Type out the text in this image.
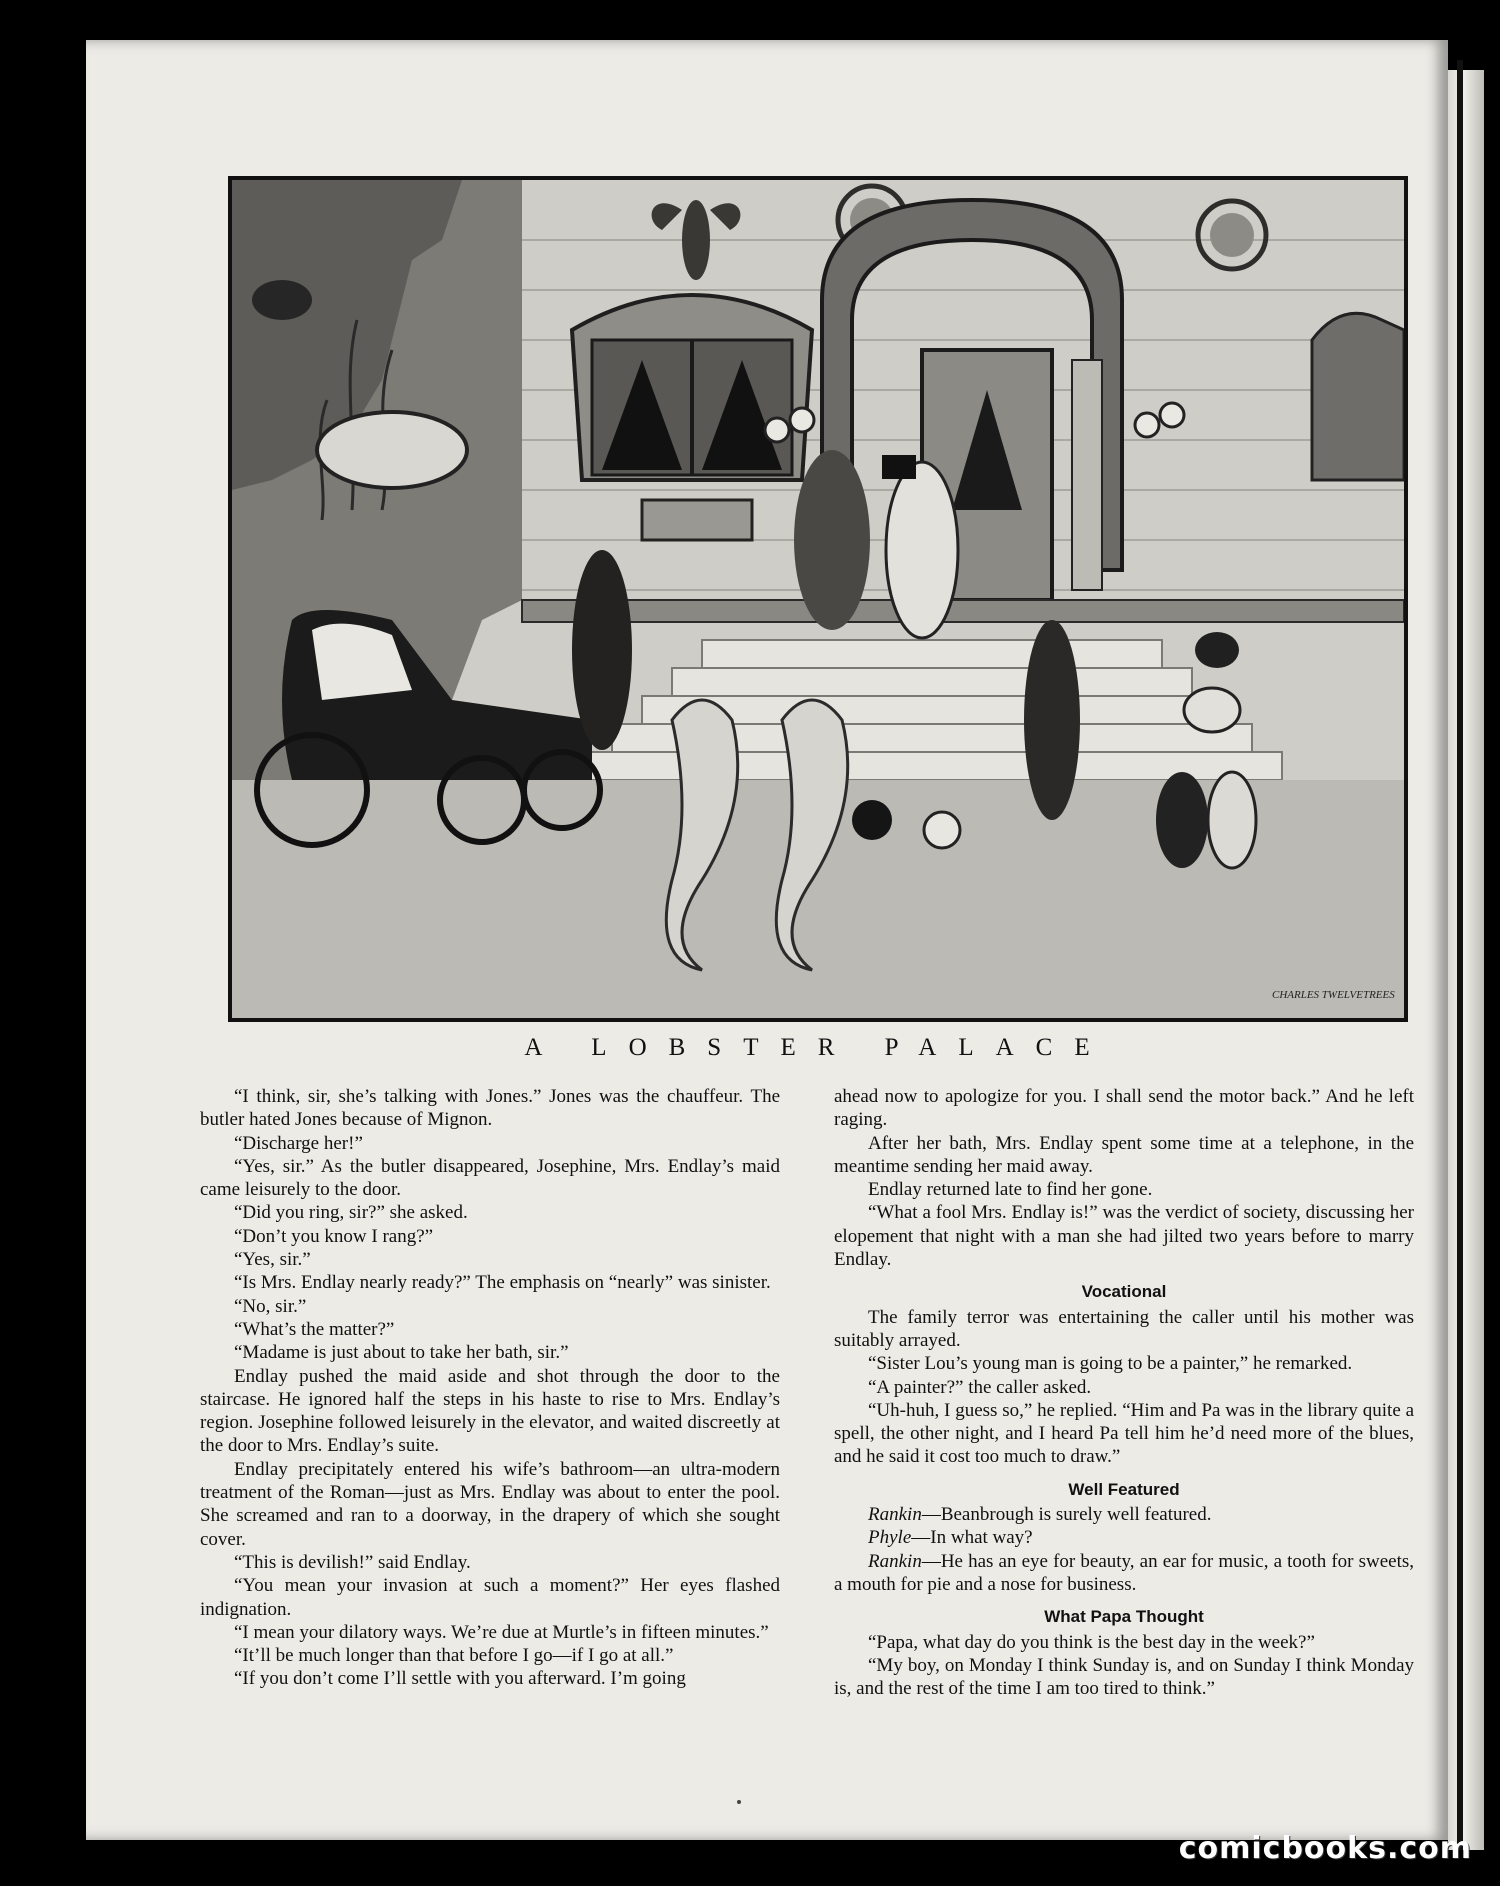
CHARLES TWELVETREES
A LOBSTER PALACE

“I think, sir, she’s talking with Jones.” Jones was the chauffeur. The butler hated Jones because of Mignon.

“Discharge her!”

“Yes, sir.” As the butler disappeared, Josephine, Mrs. Endlay’s maid came leisurely to the door.

“Did you ring, sir?” she asked.

“Don’t you know I rang?”

“Yes, sir.”

“Is Mrs. Endlay nearly ready?” The emphasis on “nearly” was sinister.

“No, sir.”

“What’s the matter?”

“Madame is just about to take her bath, sir.”

Endlay pushed the maid aside and shot through the door to the staircase. He ignored half the steps in his haste to rise to Mrs. Endlay’s region. Josephine followed leisurely in the elevator, and waited discreetly at the door to Mrs. Endlay’s suite.

Endlay precipitately entered his wife’s bathroom—an ultra-modern treatment of the Roman—just as Mrs. Endlay was about to enter the pool. She screamed and ran to a doorway, in the drapery of which she sought cover.

“This is devilish!” said Endlay.

“You mean your invasion at such a moment?” Her eyes flashed indignation.

“I mean your dilatory ways. We’re due at Murtle’s in fifteen minutes.”

“It’ll be much longer than that before I go—if I go at all.”

“If you don’t come I’ll settle with you afterward. I’m going

ahead now to apologize for you. I shall send the motor back.” And he left raging.

After her bath, Mrs. Endlay spent some time at a telephone, in the meantime sending her maid away.

Endlay returned late to find her gone.

“What a fool Mrs. Endlay is!” was the verdict of society, discussing her elopement that night with a man she had jilted two years before to marry Endlay.

Vocational

The family terror was entertaining the caller until his mother was suitably arrayed.

“Sister Lou’s young man is going to be a painter,” he remarked.

“A painter?” the caller asked.

“Uh-huh, I guess so,” he replied. “Him and Pa was in the library quite a spell, the other night, and I heard Pa tell him he’d need more of the blues, and he said it cost too much to draw.”

Well Featured

Rankin—Beanbrough is surely well featured.

Phyle—In what way?

Rankin—He has an eye for beauty, an ear for music, a tooth for sweets, a mouth for pie and a nose for business.

What Papa Thought

“Papa, what day do you think is the best day in the week?”

“My boy, on Monday I think Sunday is, and on Sunday I think Monday is, and the rest of the time I am too tired to think.”

comicbooks.com
